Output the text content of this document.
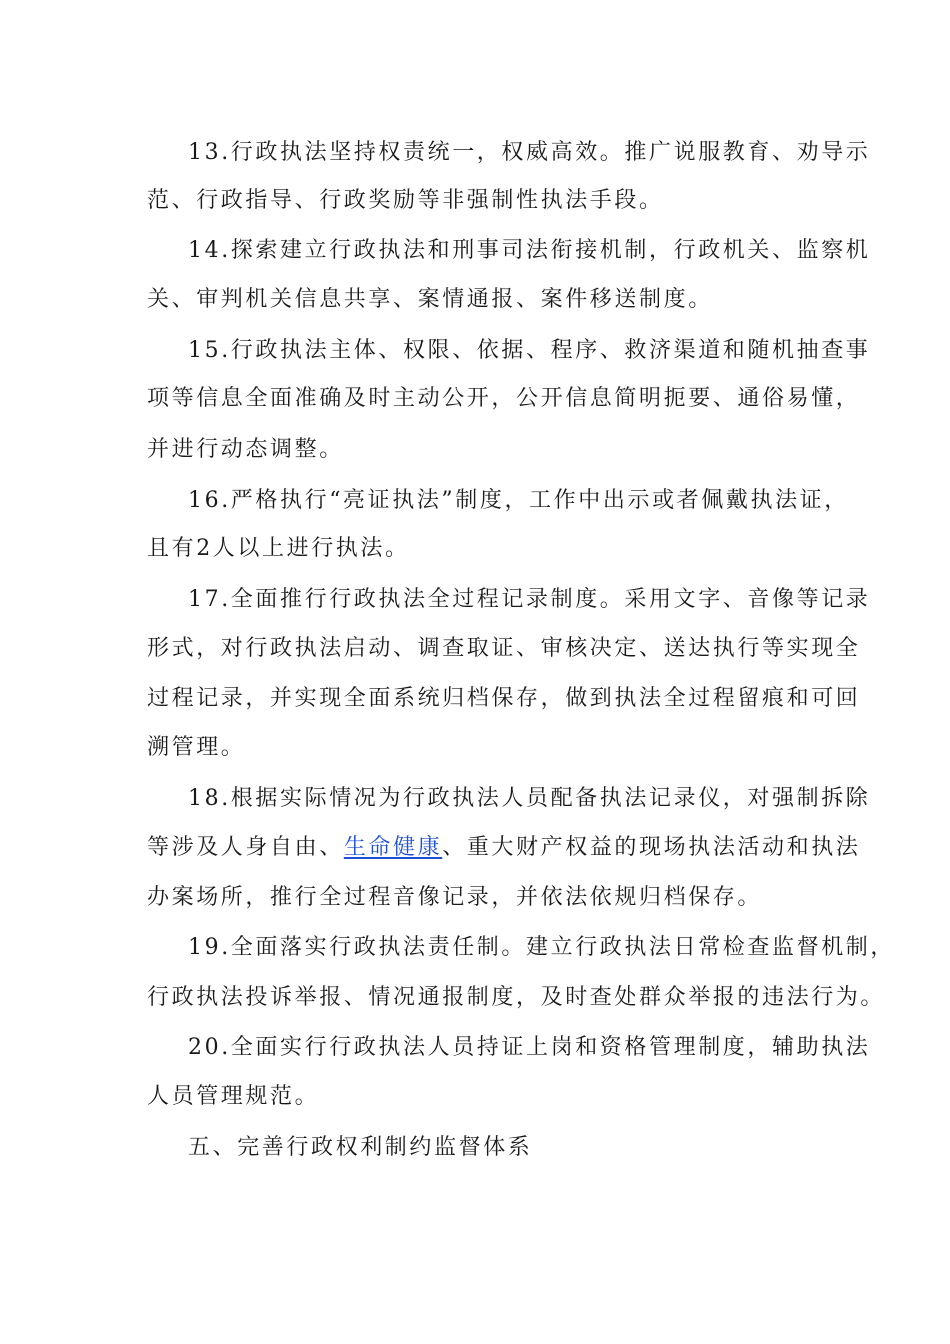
13.行政执法坚持权责统一，权威高效。推广说服教育、劝导示
范、行政指导、行政奖励等非强制性执法手段。
14.探索建立行政执法和刑事司法衔接机制，行政机关、监察机
关、审判机关信息共享、案情通报、案件移送制度。
15.行政执法主体、权限、依据、程序、救济渠道和随机抽查事
项等信息全面准确及时主动公开，公开信息简明扼要、通俗易懂，
并进行动态调整。
16.严格执行“亮证执法”制度，工作中出示或者佩戴执法证，
且有2人以上进行执法。
17.全面推行行政执法全过程记录制度。采用文字、音像等记录
形式，对行政执法启动、调查取证、审核决定、送达执行等实现全
过程记录，并实现全面系统归档保存，做到执法全过程留痕和可回
溯管理。
18.根据实际情况为行政执法人员配备执法记录仪，对强制拆除
等涉及人身自由、生命健康、重大财产权益的现场执法活动和执法
办案场所，推行全过程音像记录，并依法依规归档保存。
19.全面落实行政执法责任制。建立行政执法日常检查监督机制，
行政执法投诉举报、情况通报制度，及时查处群众举报的违法行为。
20.全面实行行政执法人员持证上岗和资格管理制度，辅助执法
人员管理规范。
五、完善行政权利制约监督体系
